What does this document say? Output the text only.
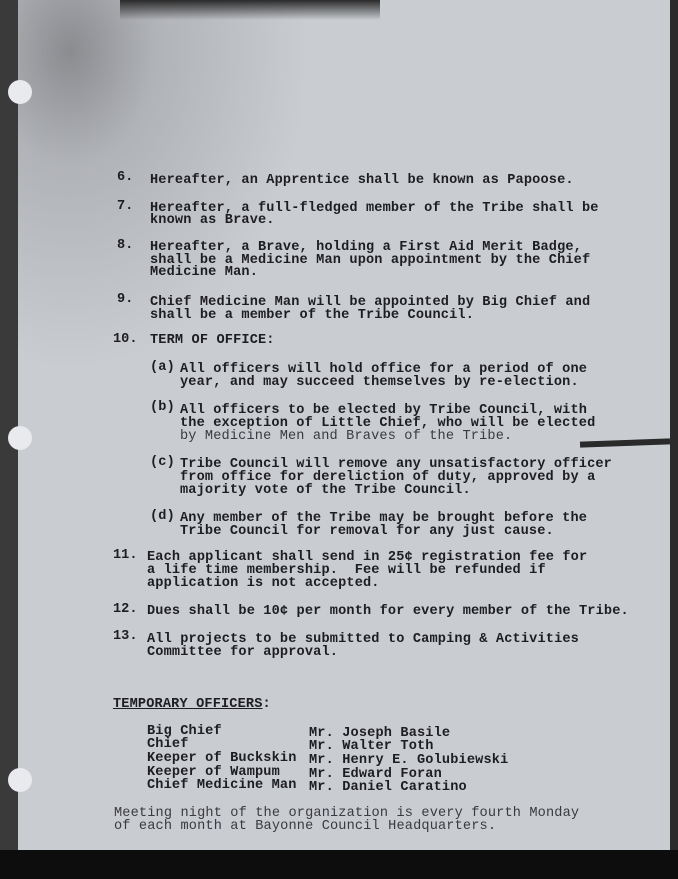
6. Hereafter, an Apprentice shall be known as Papoose.
7. Hereafter, a full-fledged member of the Tribe shall be
known as Brave.
8. Hereafter, a Brave, holding a First Aid Merit Badge,
shall be a Medicine Man upon appointment by the Chief
Medicine Man.
9. Chief Medicine Man will be appointed by Big Chief and
shall be a member of the Tribe Council.
10. TERM OF OFFICE:
(a) All officers will hold office for a period of one
year, and may succeed themselves by re-election.
(b) All officers to be elected by Tribe Council, with
the exception of Little Chief, who will be elected
by Medicine Men and Braves of the Tribe.
(c) Tribe Council will remove any unsatisfactory officer
from office for dereliction of duty, approved by a
majority vote of the Tribe Council.
(d) Any member of the Tribe may be brought before the
Tribe Council for removal for any just cause.
11. Each applicant shall send in 25¢ registration fee for
a life time membership.  Fee will be refunded if
application is not accepted.
12. Dues shall be 10¢ per month for every member of the Tribe.
13. All projects to be submitted to Camping & Activities
Committee for approval.
TEMPORARY OFFICERS:
Big Chief	Mr. Joseph Basile
Chief	Mr. Walter Toth
Keeper of Buckskin Mr. Henry E. Golubiewski
Keeper of Wampum Mr. Edward Foran
Chief Medicine Man Mr. Daniel Caratino
Meeting night of the organization is every fourth Monday
of each month at Bayonne Council Headquarters.
